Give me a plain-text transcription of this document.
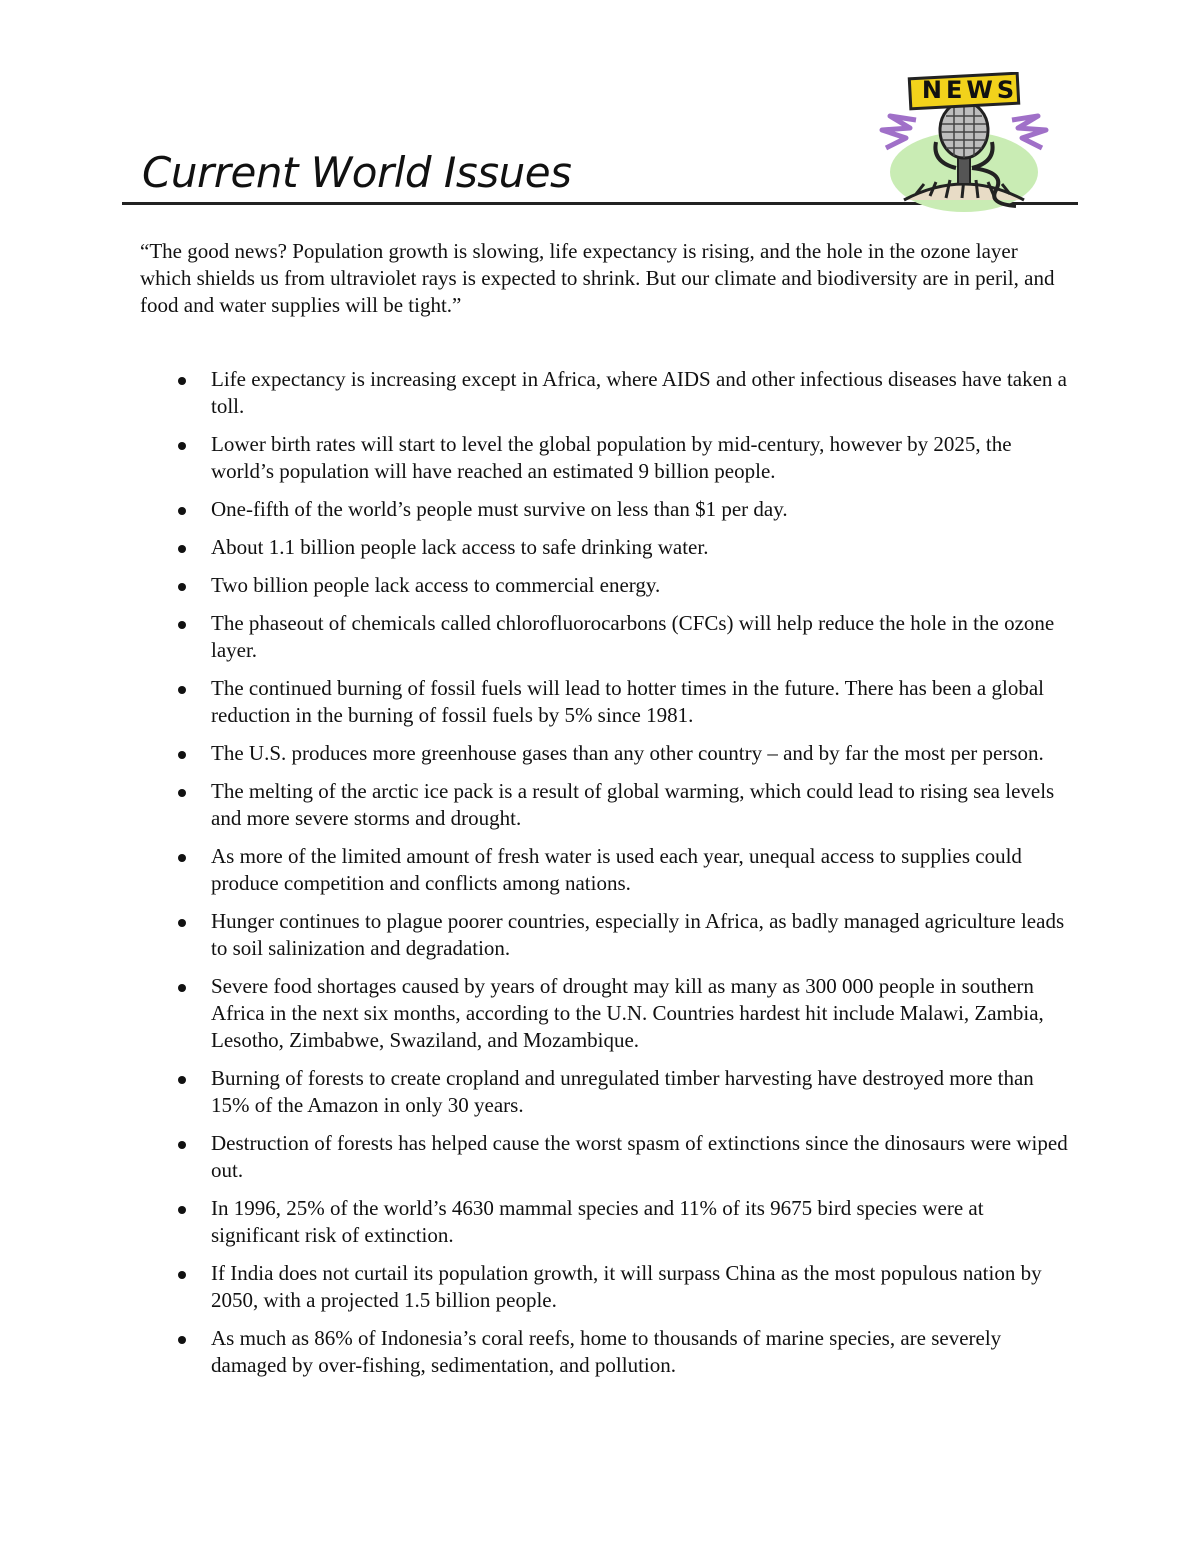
Current World Issues
NEWS

“The good news? Population growth is slowing, life expectancy is rising, and the hole in the ozone layer which shields us from ultraviolet rays is expected to shrink. But our climate and biodiversity are in peril, and food and water supplies will be tight.”

Life expectancy is increasing except in Africa, where AIDS and other infectious diseases have taken a toll.
Lower birth rates will start to level the global population by mid-century, however by 2025, the world’s population will have reached an estimated 9 billion people.
One-fifth of the world’s people must survive on less than $1 per day.
About 1.1 billion people lack access to safe drinking water.
Two billion people lack access to commercial energy.
The phaseout of chemicals called chlorofluorocarbons (CFCs) will help reduce the hole in the ozone layer.
The continued burning of fossil fuels will lead to hotter times in the future. There has been a global reduction in the burning of fossil fuels by 5% since 1981.
The U.S. produces more greenhouse gases than any other country – and by far the most per person.
The melting of the arctic ice pack is a result of global warming, which could lead to rising sea levels and more severe storms and drought.
As more of the limited amount of fresh water is used each year, unequal access to supplies could produce competition and conflicts among nations.
Hunger continues to plague poorer countries, especially in Africa, as badly managed agriculture leads to soil salinization and degradation.
Severe food shortages caused by years of drought may kill as many as 300 000 people in southern Africa in the next six months, according to the U.N. Countries hardest hit include Malawi, Zambia, Lesotho, Zimbabwe, Swaziland, and Mozambique.
Burning of forests to create cropland and unregulated timber harvesting have destroyed more than 15% of the Amazon in only 30 years.
Destruction of forests has helped cause the worst spasm of extinctions since the dinosaurs were wiped out.
In 1996, 25% of the world’s 4630 mammal species and 11% of its 9675 bird species were at significant risk of extinction.
If India does not curtail its population growth, it will surpass China as the most populous nation by 2050, with a projected 1.5 billion people.
As much as 86% of Indonesia’s coral reefs, home to thousands of marine species, are severely damaged by over-fishing, sedimentation, and pollution.
